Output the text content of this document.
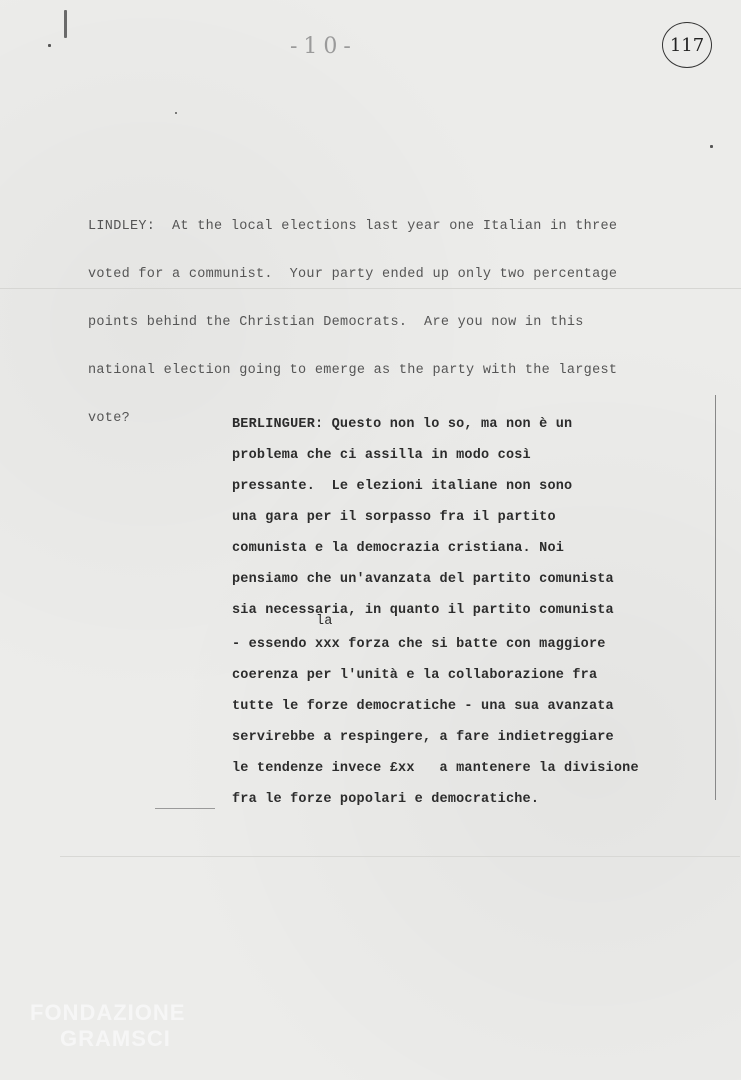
-10-	117

LINDLEY:  At the local elections last year one Italian in three

voted for a communist.  Your party ended up only two percentage

points behind the Christian Democrats.  Are you now in this

national election going to emerge as the party with the largest

vote?

	BERLINGUER: Questo non lo so, ma non è un
problema che ci assilla in modo così
pressante.  Le elezioni italiane non sono
una gara per il sorpasso fra il partito
comunista e la democrazia cristiana. Noi
pensiamo che un'avanzata del partito comunista
sia necessaria, in quanto il partito comunista
la
- essendo xxx forza che si batte con maggiore
coerenza per l'unità e la collaborazione fra
tutte le forze democratiche - una sua avanzata
servirebbe a respingere, a fare indietreggiare
le tendenze invece £xx   a mantenere la divisione
fra le forze popolari e democratiche.
FONDAZIONE
GRAMSCI
